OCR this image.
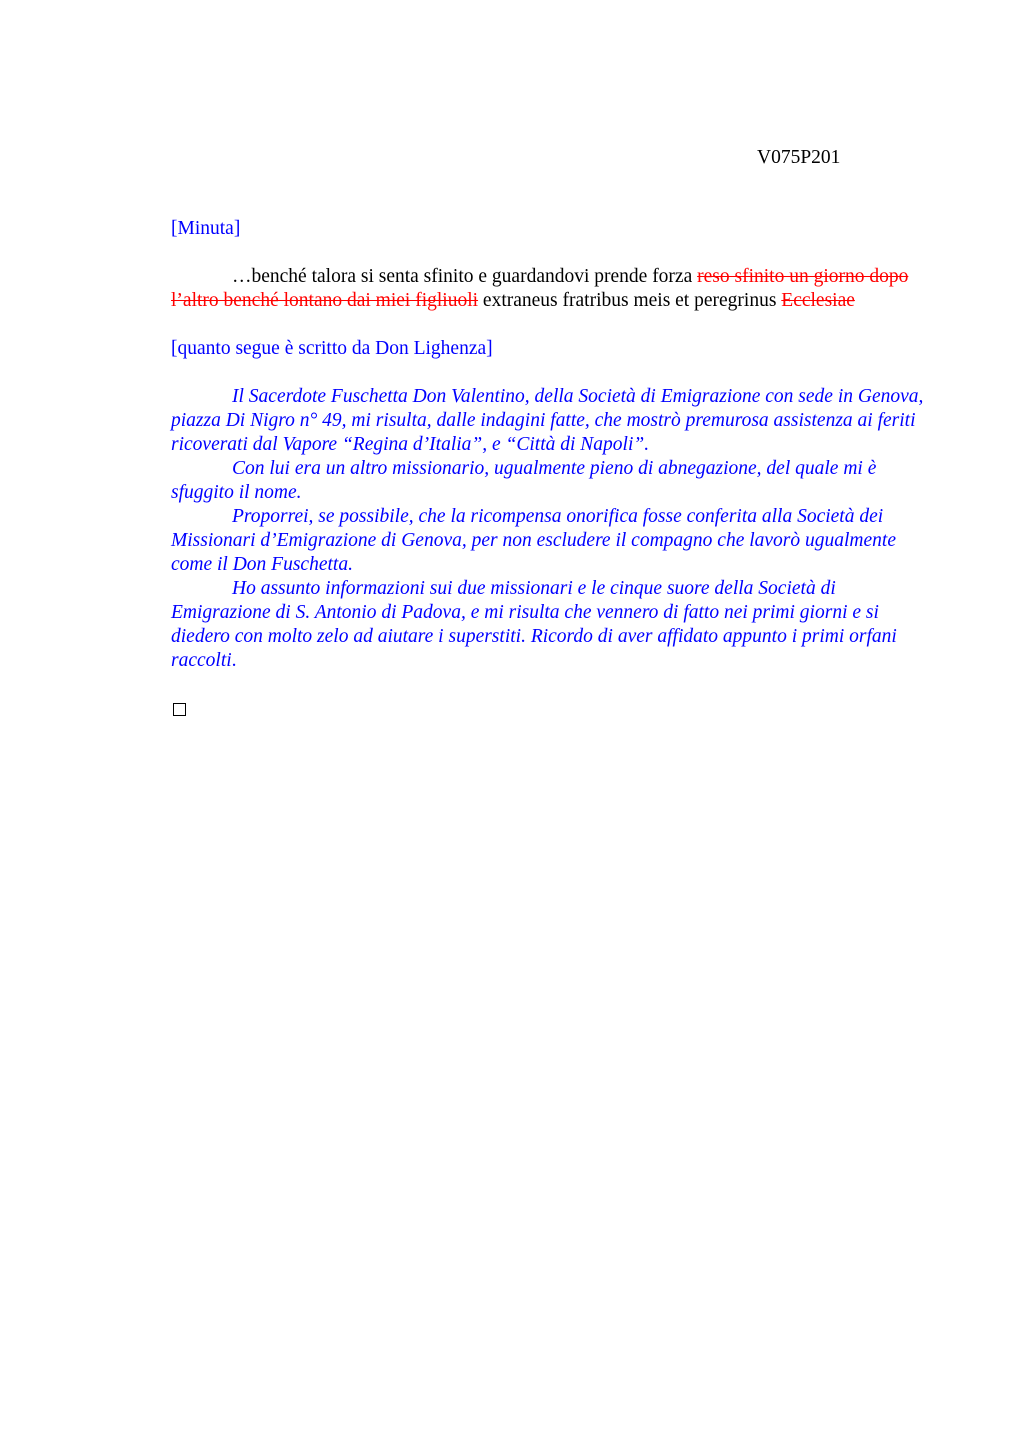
V075P201

[Minuta]

…benché talora si senta sfinito e guardandovi prende forza reso sfinito un giorno dopo l’altro benché lontano dai miei figliuoli extraneus fratribus meis et peregrinus Ecclesiae

[quanto segue è scritto da Don Lighenza]

Il Sacerdote Fuschetta Don Valentino, della Società di Emigrazione con sede in Genova, piazza Di Nigro n° 49, mi risulta, dalle indagini fatte, che mostrò premurosa assistenza ai feriti ricoverati dal Vapore “Regina d’Italia”, e “Città di Napoli”.

Con lui era un altro missionario, ugualmente pieno di abnegazione, del quale mi è sfuggito il nome.

Proporrei, se possibile, che la ricompensa onorifica fosse conferita alla Società dei Missionari d’Emigrazione di Genova, per non escludere il compagno che lavorò ugualmente come il Don Fuschetta.

Ho assunto informazioni sui due missionari e le cinque suore della Società di Emigrazione di S. Antonio di Padova, e mi risulta che vennero di fatto nei primi giorni e si diedero con molto zelo ad aiutare i superstiti. Ricordo di aver affidato appunto i primi orfani raccolti.
